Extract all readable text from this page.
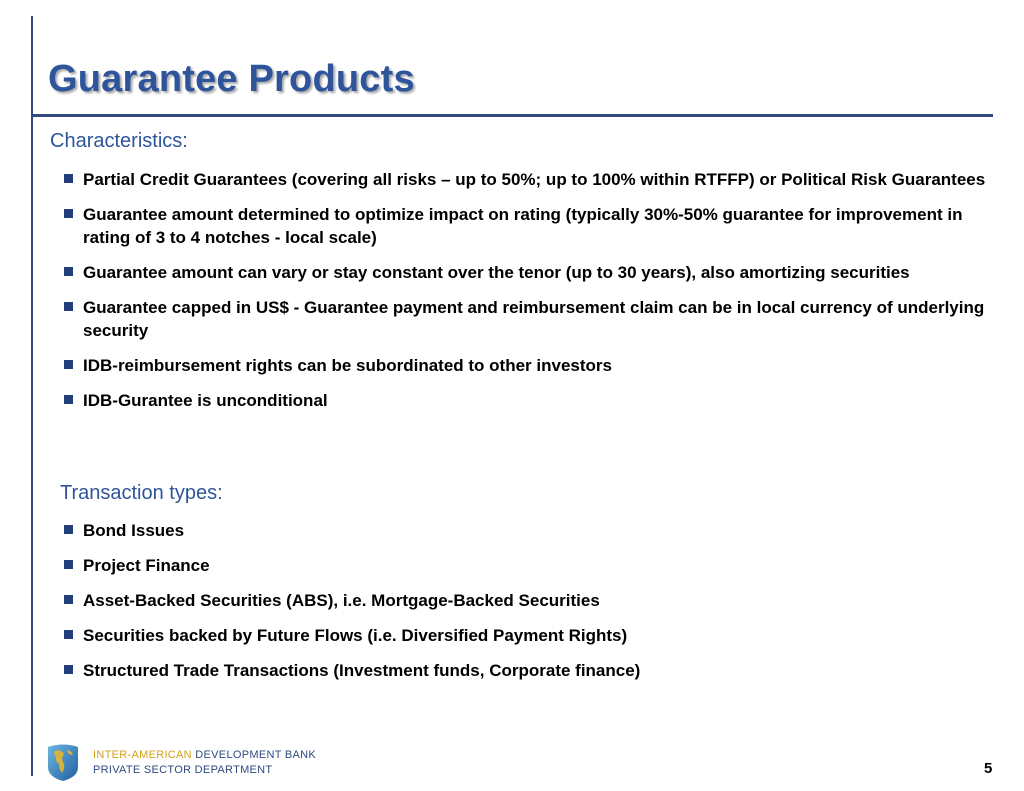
Guarantee Products
Characteristics:
Partial Credit Guarantees (covering all risks – up to 50%; up to 100% within RTFFP) or Political Risk Guarantees
Guarantee amount determined to optimize impact on rating (typically 30%-50% guarantee for improvement in rating of 3 to 4 notches - local scale)
Guarantee amount can vary or stay constant over the tenor (up to 30 years), also amortizing securities
Guarantee capped in US$ - Guarantee payment and reimbursement claim can be in local currency of underlying security
IDB-reimbursement rights can be subordinated to other investors
IDB-Gurantee is unconditional
Transaction types:
Bond Issues
Project Finance
Asset-Backed Securities (ABS), i.e. Mortgage-Backed Securities
Securities backed by Future Flows (i.e. Diversified Payment Rights)
Structured Trade Transactions (Investment funds, Corporate finance)
INTER-AMERICAN DEVELOPMENT BANK
PRIVATE SECTOR DEPARTMENT	5
